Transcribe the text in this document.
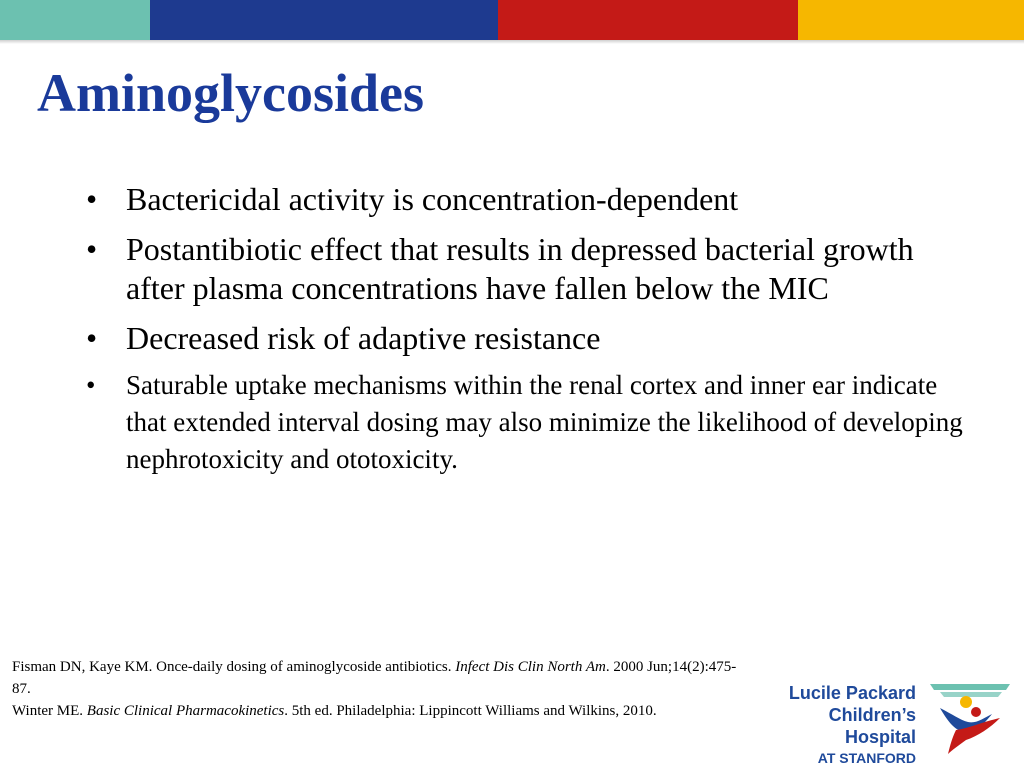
Aminoglycosides
• Bactericidal activity is concentration-dependent
• Postantibiotic effect that results in depressed bacterial growth after plasma concentrations have fallen below the MIC
• Decreased risk of adaptive resistance
• Saturable uptake mechanisms within the renal cortex and inner ear indicate that extended interval dosing may also minimize the likelihood of developing nephrotoxicity and ototoxicity.

Fisman DN, Kaye KM. Once-daily dosing of aminoglycoside antibiotics. Infect Dis Clin North Am. 2000 Jun;14(2):475-87.

Winter ME. Basic Clinical Pharmacokinetics. 5th ed. Philadelphia: Lippincott Williams and Wilkins, 2010.

Lucile Packard
Children’s Hospital
AT STANFORD
